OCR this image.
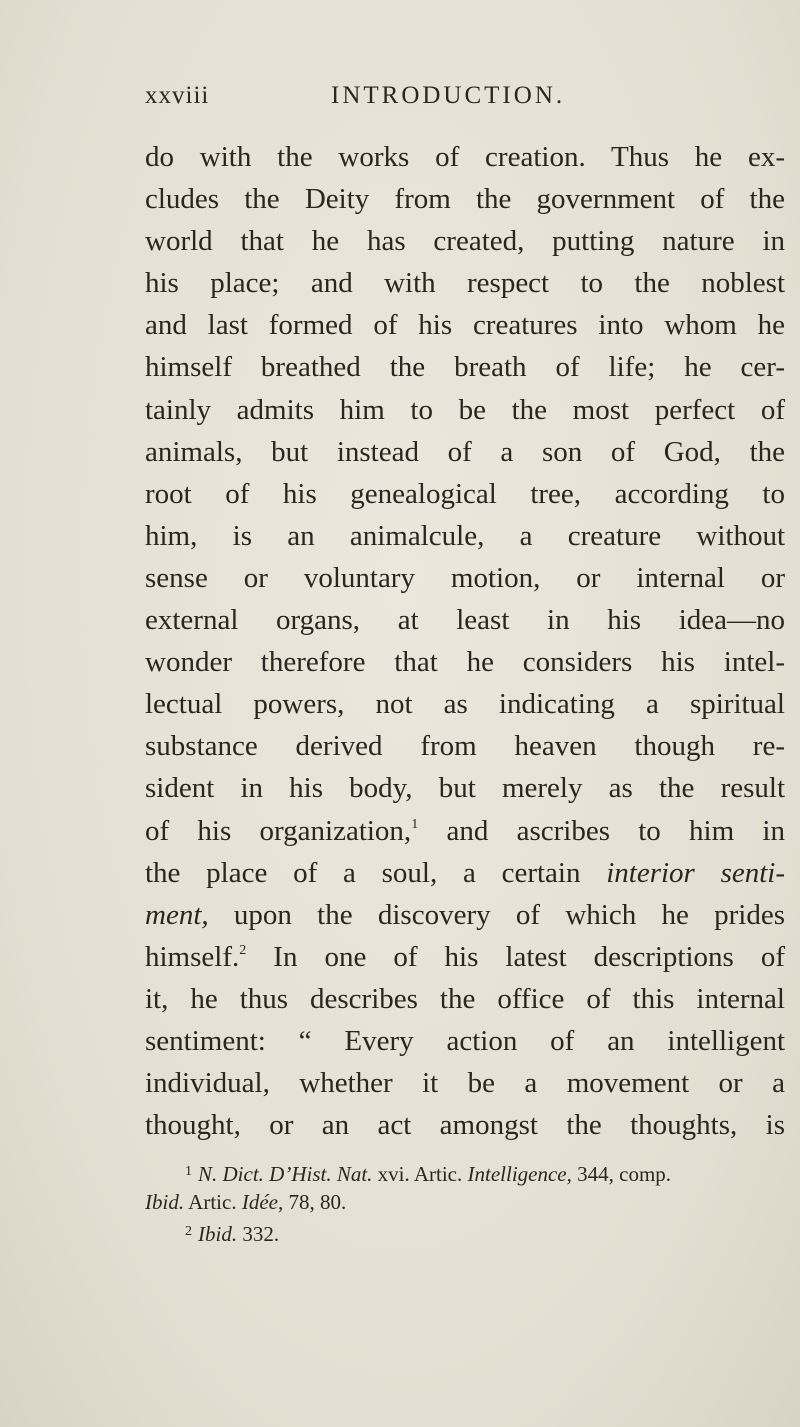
xxviii	INTRODUCTION.
do with the works of creation. Thus he ex-
cludes the Deity from the government of the
world that he has created, putting nature in
his place; and with respect to the noblest
and last formed of his creatures into whom he
himself breathed the breath of life; he cer-
tainly admits him to be the most perfect of
animals, but instead of a son of God, the
root of his genealogical tree, according to
him, is an animalcule, a creature without
sense or voluntary motion, or internal or
external organs, at least in his idea—no
wonder therefore that he considers his intel-
lectual powers, not as indicating a spiritual
substance derived from heaven though re-
sident in his body, but merely as the result
of his organization,$^1$ and ascribes to him in
the place of a soul, a certain interior senti-
ment, upon the discovery of which he prides
himself.$^2$ In one of his latest descriptions of
it, he thus describes the office of this internal
sentiment: “ Every action of an intelligent
individual, whether it be a movement or a
thought, or an act amongst the thoughts, is
$^1$ N. Dict. D’Hist. Nat. xvi. Artic. Intelligence, 344, comp.
Ibid. Artic. Idée, 78, 80.
$^2$ Ibid. 332.
